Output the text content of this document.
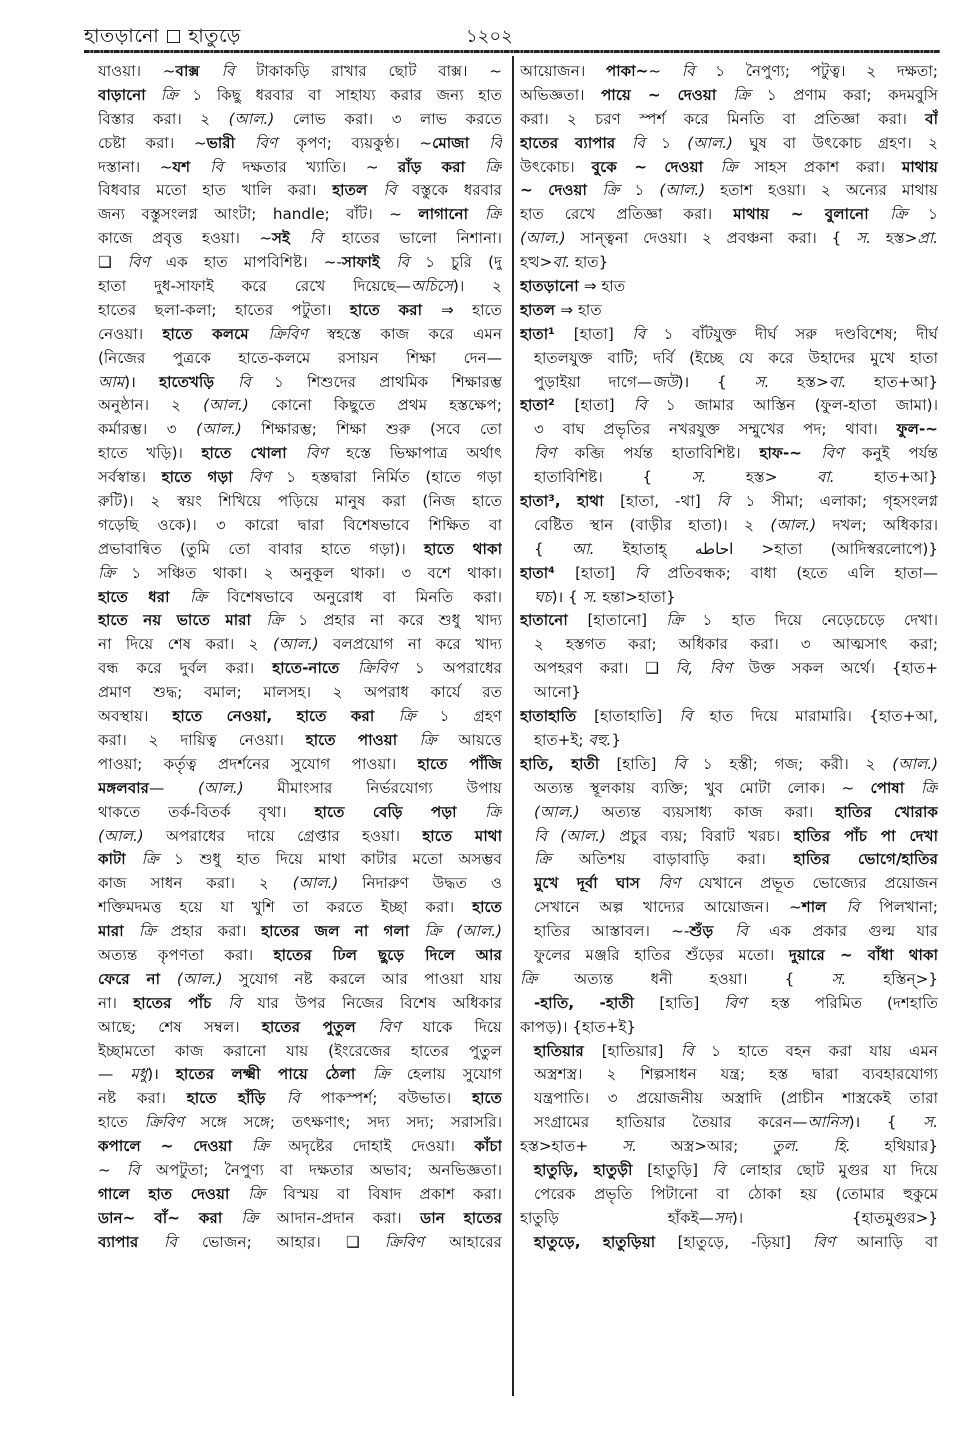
হাতড়ানো হাতুড়ে	১২০২
যাওয়া। ~বাক্স বি টাকাকড়ি রাখার ছোট বাক্স। ~
বাড়ানো ক্রি ১ কিছু ধরবার বা সাহায্য করার জন্য হাত
বিস্তার করা। ২ (আল.) লোভ করা। ৩ লাভ করতে
চেষ্টা করা। ~ভারী বিণ কৃপণ; ব্যয়কুণ্ঠ। ~মোজা বি
দস্তানা। ~যশ বি দক্ষতার খ্যাতি। ~ রাঁড় করা ক্রি
বিধবার মতো হাত খালি করা। হাতল বি বস্তুকে ধরবার
জন্য বস্তুসংলগ্ন আংটা; handle; বাঁট। ~ লাগানো ক্রি
কাজে প্রবৃত্ত হওয়া। ~সই বি হাতের ভালো নিশানা।
❑ বিণ এক হাত মাপবিশিষ্ট। ~-সাফাই বি ১ চুরি (দু
হাতা দুধ-সাফাই করে রেখে দিয়েছে—অচিসে)। ২
হাতের ছলা-কলা; হাতের পটুতা। হাতে করা ⇒ হাতে
নেওয়া। হাতে কলমে ক্রিবিণ স্বহস্তে কাজ করে এমন
(নিজের পুত্রকে হাতে-কলমে রসায়ন শিক্ষা দেন—
আম)। হাতেখড়ি বি ১ শিশুদের প্রাথমিক শিক্ষারম্ভ
অনুষ্ঠান। ২ (আল.) কোনো কিছুতে প্রথম হস্তক্ষেপ;
কর্মারম্ভ। ৩ (আল.) শিক্ষারম্ভ; শিক্ষা শুরু (সবে তো
হাতে খড়ি)। হাতে খোলা বিণ হস্তে ভিক্ষাপাত্র অর্থাৎ
সর্বস্বান্ত। হাতে গড়া বিণ ১ হস্তদ্বারা নির্মিত (হাতে গড়া
রুটি)। ২ স্বয়ং শিখিয়ে পড়িয়ে মানুষ করা (নিজ হাতে
গড়েছি ওকে)। ৩ কারো দ্বারা বিশেষভাবে শিক্ষিত বা
প্রভাবান্বিত (তুমি তো বাবার হাতে গড়া)। হাতে থাকা
ক্রি ১ সঞ্চিত থাকা। ২ অনুকূল থাকা। ৩ বশে থাকা।
হাতে ধরা ক্রি বিশেষভাবে অনুরোধ বা মিনতি করা।
হাতে নয় ভাতে মারা ক্রি ১ প্রহার না করে শুধু খাদ্য
না দিয়ে শেষ করা। ২ (আল.) বলপ্রয়োগ না করে খাদ্য
বন্ধ করে দুর্বল করা। হাতে-নাতে ক্রিবিণ ১ অপরাধের
প্রমাণ শুদ্ধ; বমাল; মালসহ। ২ অপরাধ কার্যে রত
অবস্থায়। হাতে নেওয়া, হাতে করা ক্রি ১ গ্রহণ
করা। ২ দায়িত্ব নেওয়া। হাতে পাওয়া ক্রি আয়ত্তে
পাওয়া; কর্তৃত্ব প্রদর্শনের সুযোগ পাওয়া। হাতে পাঁজি
মঙ্গলবার— (আল.) মীমাংসার নির্ভরযোগ্য উপায়
থাকতে তর্ক-বিতর্ক বৃথা। হাতে বেড়ি পড়া ক্রি
(আল.) অপরাধের দায়ে গ্রেপ্তার হওয়া। হাতে মাথা
কাটা ক্রি ১ শুধু হাত দিয়ে মাথা কাটার মতো অসম্ভব
কাজ সাধন করা। ২ (আল.) নিদারুণ উদ্ধত ও
শক্তিমদমত্ত হয়ে যা খুশি তা করতে ইচ্ছা করা। হাতে
মারা ক্রি প্রহার করা। হাতের জল না গলা ক্রি (আল.)
অত্যন্ত কৃপণতা করা। হাতের ঢিল ছুড়ে দিলে আর
ফেরে না (আল.) সুযোগ নষ্ট করলে আর পাওয়া যায়
না। হাতের পাঁচ বি যার উপর নিজের বিশেষ অধিকার
আছে; শেষ সম্বল। হাতের পুতুল বিণ যাকে দিয়ে
ইচ্ছামতো কাজ করানো যায় (ইংরেজের হাতের পুতুল
— মধু)। হাতের লক্ষ্মী পায়ে ঠেলা ক্রি হেলায় সুযোগ
নষ্ট করা। হাতে হাঁড়ি বি পাকস্পর্শ; বউভাত। হাতে
হাতে ক্রিবিণ সঙ্গে সঙ্গে; তৎক্ষণাৎ; সদ্য সদ্য; সরাসরি।
কপালে ~ দেওয়া ক্রি অদৃষ্টের দোহাই দেওয়া। কাঁচা
~ বি অপটুতা; নৈপুণ্য বা দক্ষতার অভাব; অনভিজ্ঞতা।
গালে হাত দেওয়া ক্রি বিস্ময় বা বিষাদ প্রকাশ করা।
ডান~ বাঁ~ করা ক্রি আদান-প্রদান করা। ডান হাতের
ব্যাপার বি ভোজন; আহার। ❑ ক্রিবিণ আহারের
আয়োজন। পাকা~~ বি ১ নৈপুণ্য; পটুত্ব। ২ দক্ষতা;
অভিজ্ঞতা। পায়ে ~ দেওয়া ক্রি ১ প্রণাম করা; কদমবুসি
করা। ২ চরণ স্পর্শ করে মিনতি বা প্রতিজ্ঞা করা। বাঁ
হাতের ব্যাপার বি ১ (আল.) ঘুষ বা উৎকোচ গ্রহণ। ২
উৎকোচ। বুকে ~ দেওয়া ক্রি সাহস প্রকাশ করা। মাথায়
~ দেওয়া ক্রি ১ (আল.) হতাশ হওয়া। ২ অন্যের মাথায়
হাত রেখে প্রতিজ্ঞা করা। মাথায় ~ বুলানো ক্রি ১
(আল.) সান্ত্বনা দেওয়া। ২ প্রবঞ্চনা করা। { স. হস্ত>প্রা.
হত্থ>বা. হাত}
হাতড়ানো ⇒ হাত
হাতল ⇒ হাত
হাতা¹ [হাতা] বি ১ বাঁটযুক্ত দীর্ঘ সরু দণ্ডবিশেষ; দীর্ঘ
হাতলযুক্ত বাটি; দর্বি (ইচ্ছে যে করে উহাদের মুখে হাতা
পুড়াইয়া দাগে—জউ)। { স. হস্ত>বা. হাত+আ}
হাতা² [হাতা] বি ১ জামার আস্তিন (ফুল-হাতা জামা)।
৩ বাঘ প্রভৃতির নখরযুক্ত সম্মুখের পদ; থাবা। ফুল-~
বিণ কব্জি পর্যন্ত হাতাবিশিষ্ট। হাফ-~ বিণ কনুই পর্যন্ত
হাতাবিশিষ্ট। { স. হস্ত> বা. হাত+আ}
হাতা³, হাথা [হাতা, -থা] বি ১ সীমা; এলাকা; গৃহসংলগ্ন
বেষ্টিত স্থান (বাড়ীর হাতা)। ২ (আল.) দখল; অধিকার।
{ আ. ইহাতাহ্‌ احاطه >হাতা (আদিস্বরলোপে)}
হাতা⁴ [হাতা] বি প্রতিবন্ধক; বাধা (হতে এলি হাতা—
ঘচ)। { স. হন্তা>হাতা}
হাতানো [হাতানো] ক্রি ১ হাত দিয়ে নেড়েচেড়ে দেখা।
২ হস্তগত করা; অধিকার করা। ৩ আত্মসাৎ করা;
অপহরণ করা। ❑ বি, বিণ উক্ত সকল অর্থে। {হাত+
আনো}
হাতাহাতি [হাতাহাতি] বি হাত দিয়ে মারামারি। {হাত+আ,
হাত+ই; বহু.}
হাতি, হাতী [হাতি] বি ১ হস্তী; গজ; করী। ২ (আল.)
অত্যন্ত স্থূলকায় ব্যক্তি; খুব মোটা লোক। ~ পোষা ক্রি
(আল.) অত্যন্ত ব্যয়সাধ্য কাজ করা। হাতির খোরাক
বি (আল.) প্রচুর ব্যয়; বিরাট খরচ। হাতির পাঁচ পা দেখা
ক্রি অতিশয় বাড়াবাড়ি করা। হাতির ভোগে/হাতির
মুখে দূর্বা ঘাস বিণ যেখানে প্রভূত ভোজ্যের প্রয়োজন
সেখানে অল্প খাদ্যের আয়োজন। ~শাল বি পিলখানা;
হাতির আস্তাবল। ~-শুঁড় বি এক প্রকার গুল্ম যার
ফুলের মঞ্জরি হাতির শুঁড়ের মতো। দুয়ারে ~ বাঁধা থাকা
ক্রি অত্যন্ত ধনী হওয়া। { স. হস্তিন্‌>}
-হাতি, -হাতী [হাতি] বিণ হস্ত পরিমিত (দশহাতি
কাপড়)। {হাত+ই}
হাতিয়ার [হাতিয়ার] বি ১ হাতে বহন করা যায় এমন
অস্ত্রশস্ত্র। ২ শিল্পসাধন যন্ত্র; হস্ত দ্বারা ব্যবহারযোগ্য
যন্ত্রপাতি। ৩ প্রয়োজনীয় অস্ত্রাদি (প্রাচীন শাস্ত্রকেই তারা
সংগ্রামের হাতিয়ার তৈয়ার করেন—আনিস)। { স.
হস্ত>হাত+ স. অস্ত্র>আর; তুল. হি. হথিয়ার}
হাতুড়ি, হাতুড়ী [হাতুড়ি] বি লোহার ছোট মুগুর যা দিয়ে
পেরেক প্রভৃতি পিটানো বা ঠোকা হয় (তোমার হুকুমে
হাতুড়ি হাঁকই—সদ)। {হাতমুগুর>}
হাতুড়ে, হাতুড়িয়া [হাতুড়ে, -ড়িয়া] বিণ আনাড়ি বা
